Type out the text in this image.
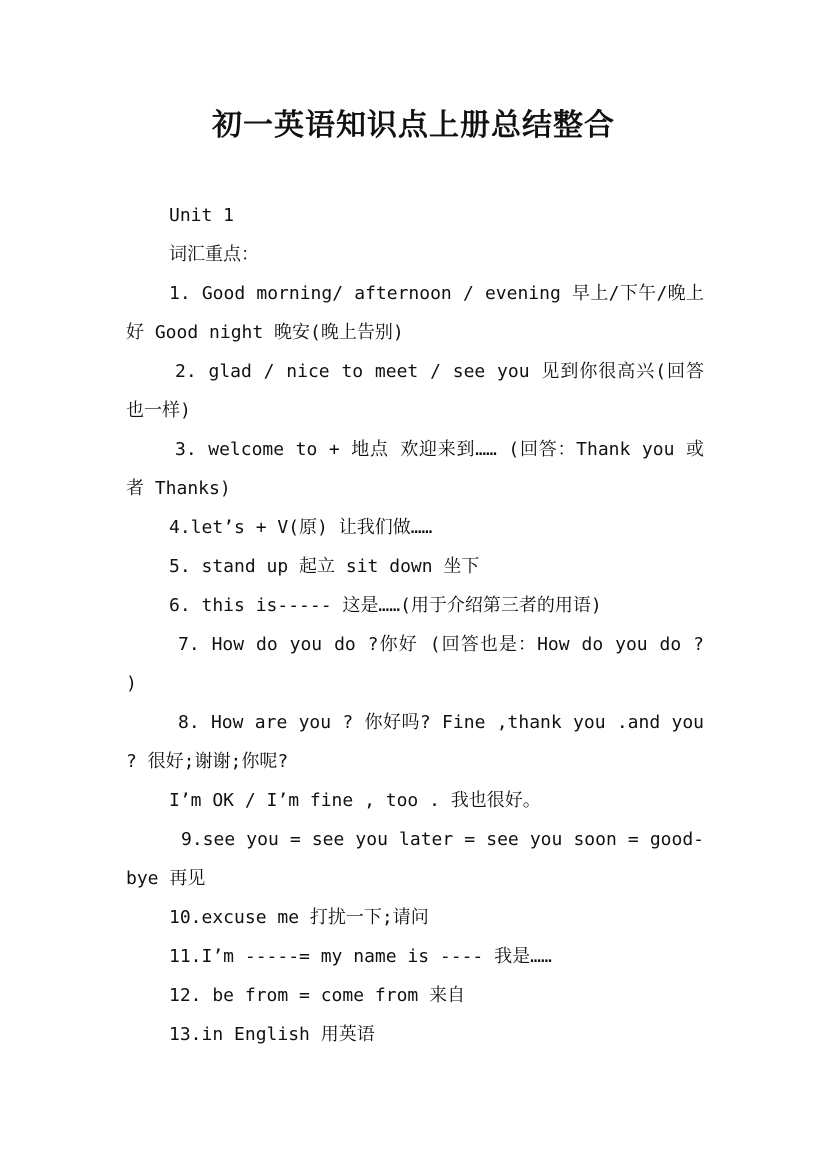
初一英语知识点上册总结整合

Unit 1

词汇重点：

1. Good morning/ afternoon / evening 早上/下午/晚上好 Good night 晚安(晚上告别)

2. glad / nice to meet / see you 见到你很高兴(回答也一样)

3. welcome to + 地点 欢迎来到…… (回答：Thank you 或者 Thanks)

4.let’s + V(原) 让我们做……

5. stand up 起立 sit down 坐下

6. this is----- 这是……(用于介绍第三者的用语)

7. How do you do ?你好 (回答也是：How do you do ? )

8. How are you ? 你好吗? Fine ,thank you .and you ? 很好;谢谢;你呢?

I’m OK / I’m fine , too . 我也很好。

9.see you = see you later = see you soon = good-bye 再见

10.excuse me 打扰一下;请问

11.I’m -----= my name is ---- 我是……

12. be from = come from 来自

13.in English 用英语
